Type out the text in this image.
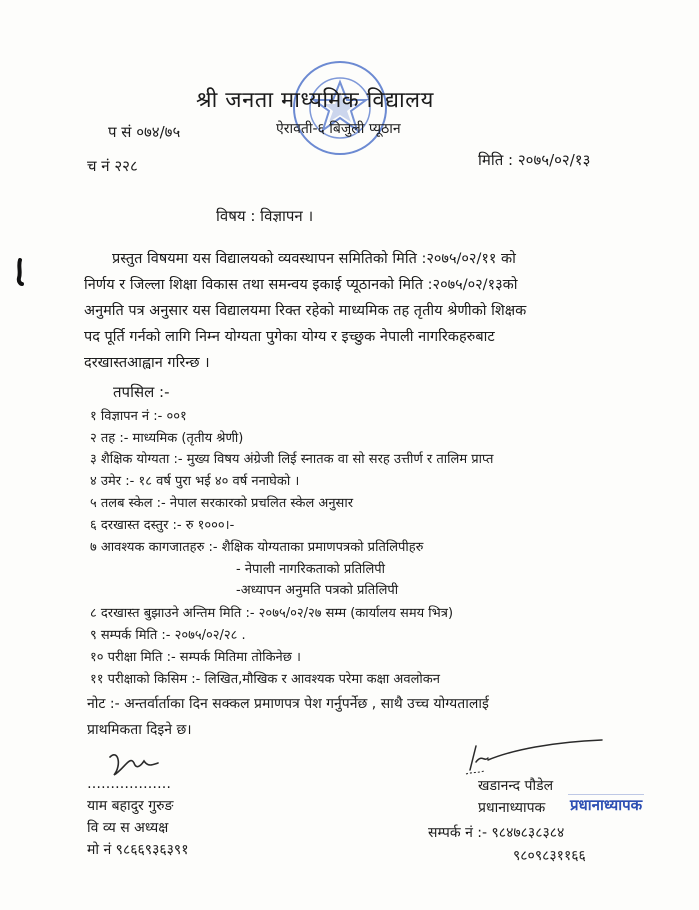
श्री जनता माध्यमिक विद्यालय
ऐरावती-६ बिजुली प्यूठान
प सं ०७४/७५
च नं २२८	मिति : २०७५/०२/१३
विषय : विज्ञापन ।
प्रस्तुत विषयमा यस विद्यालयको व्यवस्थापन समितिको मिति :२०७५/०२/११ को
निर्णय र जिल्ला शिक्षा विकास तथा समन्वय इकाई प्यूठानको मिति :२०७५/०२/१३को
अनुमति पत्र अनुसार यस विद्यालयमा रिक्त रहेको माध्यमिक तह तृतीय श्रेणीको शिक्षक
पद पूर्ति गर्नको लागि निम्न योग्यता पुगेका योग्य र इच्छुक नेपाली नागरिकहरुबाट
दरखास्तआह्वान गरिन्छ ।
तपसिल :-
१ विज्ञापन नं :- ००१
२ तह :- माध्यमिक (तृतीय श्रेणी)
३ शैक्षिक योग्यता :- मुख्य विषय अंग्रेजी लिई स्नातक वा सो सरह उत्तीर्ण र तालिम प्राप्त
४ उमेर :- १८ वर्ष पुरा भई ४० वर्ष ननाघेको ।
५ तलब स्केल :- नेपाल सरकारको प्रचलित स्केल अनुसार
६ दरखास्त दस्तुर :- रु १०००।-
७ आवश्यक कागजातहरु :- शैक्षिक योग्यताका प्रमाणपत्रको प्रतिलिपीहरु
- नेपाली नागरिकताको प्रतिलिपी
-अध्यापन अनुमति पत्रको प्रतिलिपी
८ दरखास्त बुझाउने अन्तिम मिति :- २०७५/०२/२७ सम्म (कार्यालय समय भित्र)
९ सम्पर्क मिति :- २०७५/०२/२८ .
१० परीक्षा मिति :- सम्पर्क मितिमा तोकिनेछ ।
११ परीक्षाको किसिम :- लिखित,मौखिक र आवश्यक परेमा कक्षा अवलोकन
नोट :- अन्तर्वार्ताका दिन सक्कल प्रमाणपत्र पेश गर्नुपर्नेछ , साथै उच्च योग्यतालाई
प्राथमिकता दिइने छ।
………………
याम बहादुर गुरुङ
वि व्य स अध्यक्ष
मो नं ९८६६९३६३९१
खडानन्द पौडेल
प्रधानाध्यापक	प्रधानाध्यापक
सम्पर्क नं :- ९८४७८३८३८४
९८०९८३११६६
